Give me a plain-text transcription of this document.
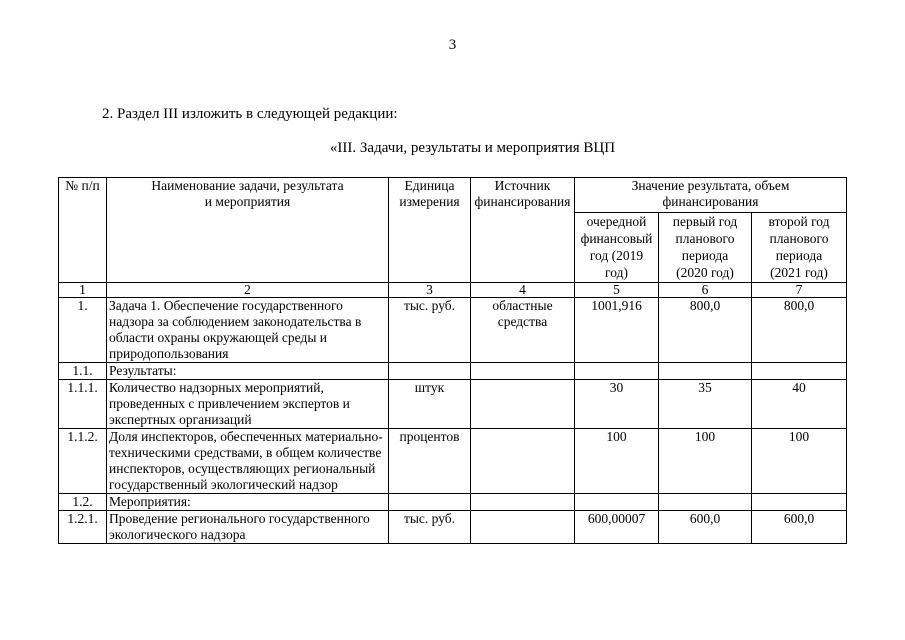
3
2. Раздел III изложить в следующей редакции:
«III. Задачи, результаты и мероприятия ВЦП
№ п/п	Наименование задачи, результата и мероприятия	Единица измерения	Источник финансирования	Значение результата, объем финансирования		
				очередной финансовый год (2019 год)	первый год планового периода (2020 год)	второй год планового периода (2021 год)
1	2	3	4	5	6	7
1.	Задача 1. Обеспечение государственного надзора за соблюдением законодательства в области охраны окружающей среды и природопользования	тыс. руб.	областные средства	1001,916	800,0	800,0
1.1.	Результаты:					
1.1.1.	Количество надзорных мероприятий, проведенных с привлечением экспертов и экспертных организаций	штук		30	35	40
1.1.2.	Доля инспекторов, обеспеченных материально-техническими средствами, в общем количестве инспекторов, осуществляющих региональный государственный экологический надзор	процентов		100	100	100
1.2.	Мероприятия:					
1.2.1.	Проведение регионального государственного экологического надзора	тыс. руб.		600,00007	600,0	600,0
